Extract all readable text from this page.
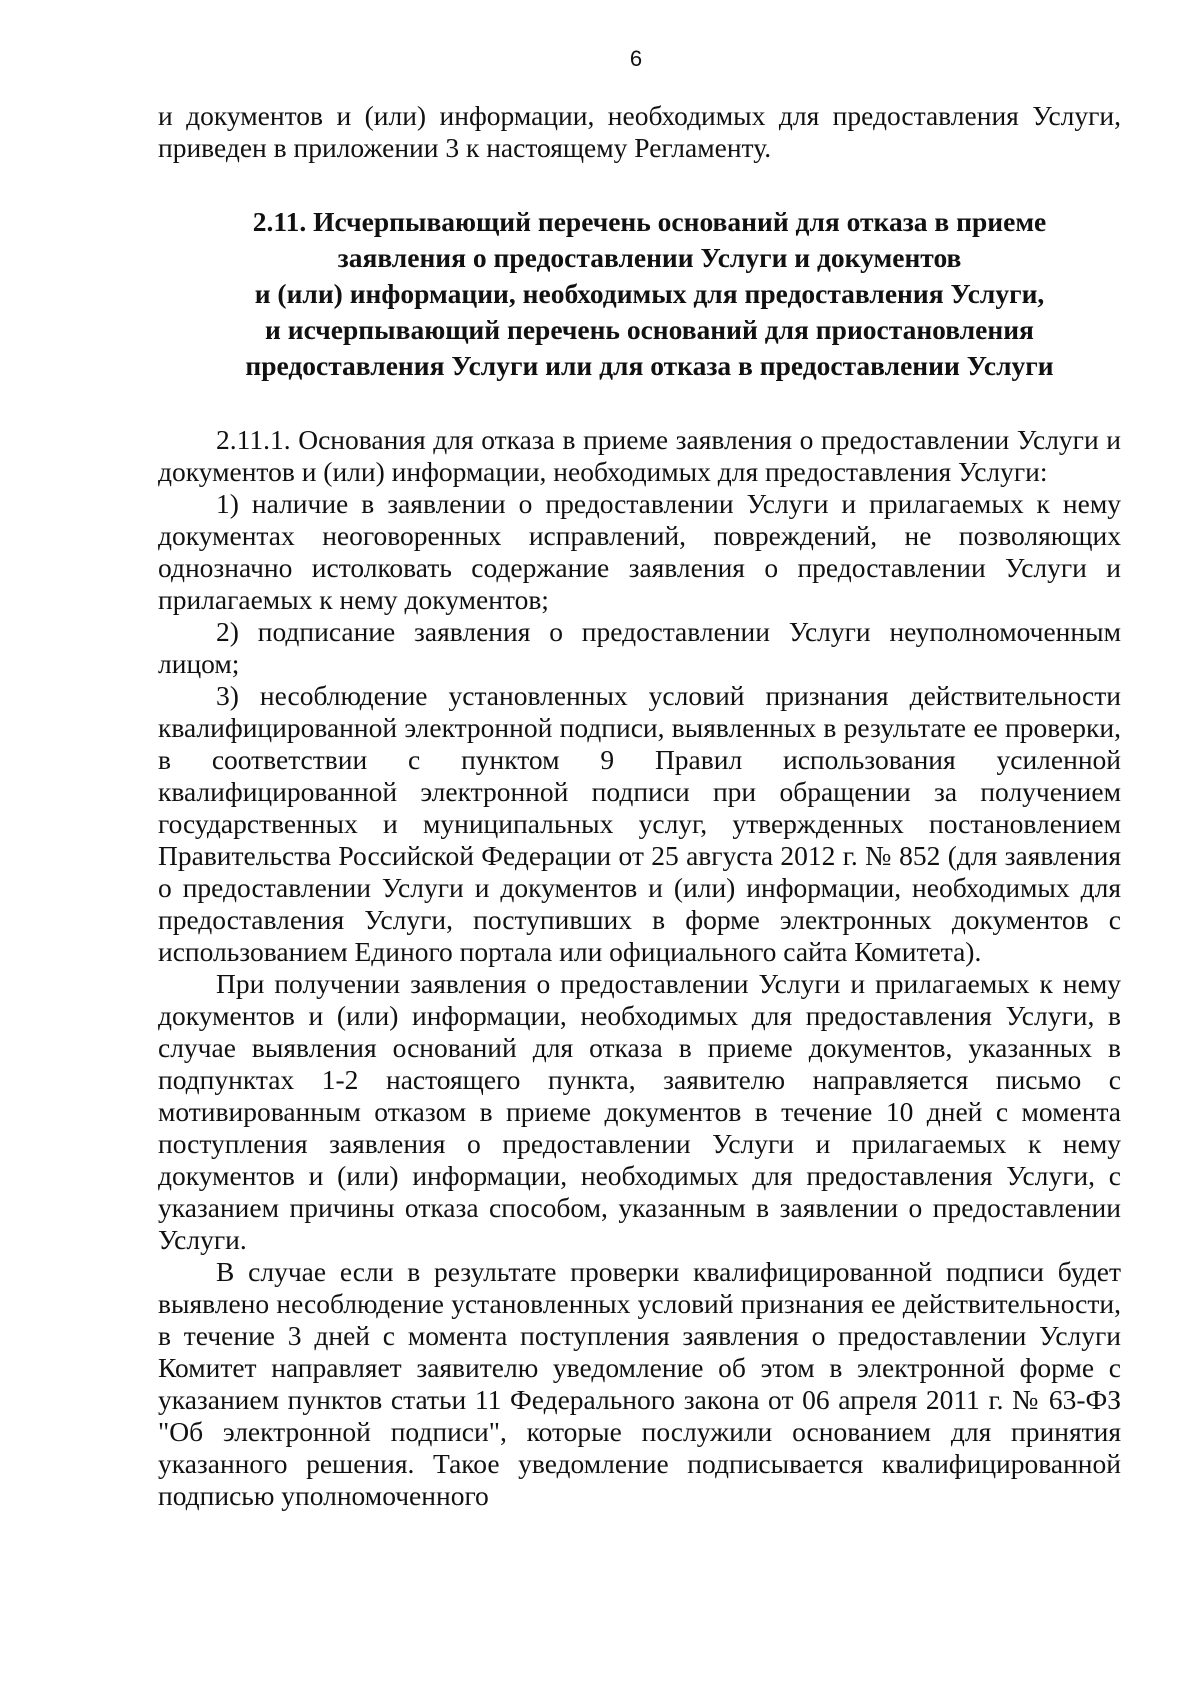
6

и документов и (или) информации, необходимых для предоставления Услуги, приведен в приложении 3 к настоящему Регламенту.

2.11. Исчерпывающий перечень оснований для отказа в приеме
заявления о предоставлении Услуги и документов
и (или) информации, необходимых для предоставления Услуги,
и исчерпывающий перечень оснований для приостановления
предоставления Услуги или для отказа в предоставлении Услуги

2.11.1. Основания для отказа в приеме заявления о предоставлении Услуги и документов и (или) информации, необходимых для предоставления Услуги:

1) наличие в заявлении о предоставлении Услуги и прилагаемых к нему документах неоговоренных исправлений, повреждений, не позволяющих однозначно истолковать содержание заявления о предоставлении Услуги и прилагаемых к нему документов;

2) подписание заявления о предоставлении Услуги неуполномоченным лицом;

3) несоблюдение установленных условий признания действительности квалифицированной электронной подписи, выявленных в результате ее проверки, в соответствии с пунктом 9 Правил использования усиленной квалифицированной электронной подписи при обращении за получением государственных и муниципальных услуг, утвержденных постановлением Правительства Российской Федерации от 25 августа 2012 г. № 852 (для заявления о предоставлении Услуги и документов и (или) информации, необходимых для предоставления Услуги, поступивших в форме электронных документов с использованием Единого портала или официального сайта Комитета).

При получении заявления о предоставлении Услуги и прилагаемых к нему документов и (или) информации, необходимых для предоставления Услуги, в случае выявления оснований для отказа в приеме документов, указанных в подпунктах 1-2 настоящего пункта, заявителю направляется письмо с мотивированным отказом в приеме документов в течение 10 дней с момента поступления заявления о предоставлении Услуги и прилагаемых к нему документов и (или) информации, необходимых для предоставления Услуги, с указанием причины отказа способом, указанным в заявлении о предоставлении Услуги.

В случае если в результате проверки квалифицированной подписи будет выявлено несоблюдение установленных условий признания ее действительности, в течение 3 дней с момента поступления заявления о предоставлении Услуги Комитет направляет заявителю уведомление об этом в электронной форме с указанием пунктов статьи 11 Федерального закона от 06 апреля 2011 г. № 63-ФЗ "Об электронной подписи", которые послужили основанием для принятия указанного решения. Такое уведомление подписывается квалифицированной подписью уполномоченного
